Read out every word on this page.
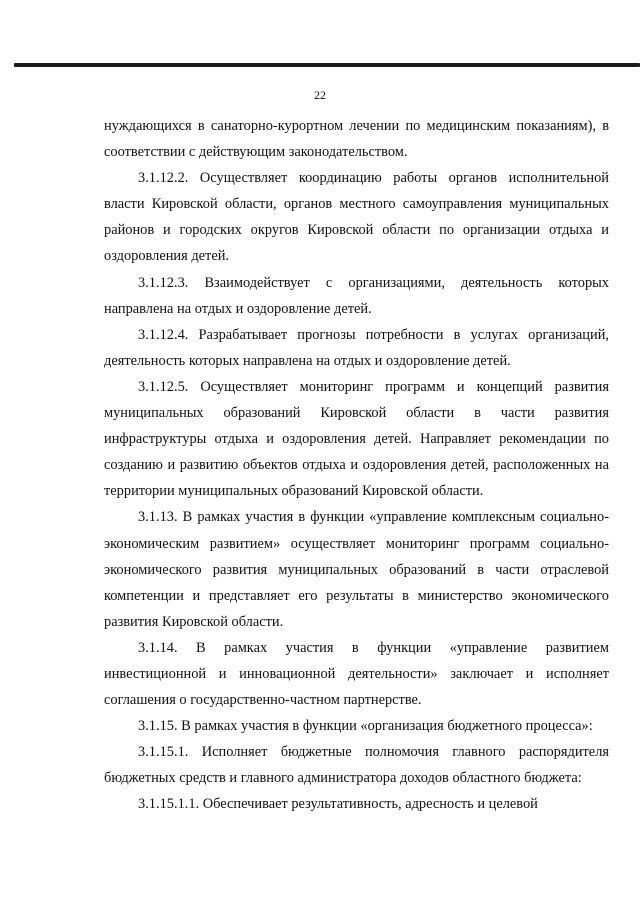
22

нуждающихся в санаторно-курортном лечении по медицинским показаниям), в соответствии с действующим законодательством.

3.1.12.2. Осуществляет координацию работы органов исполнительной власти Кировской области, органов местного самоуправления муниципальных районов и городских округов Кировской области по организации отдыха и оздоровления детей.

3.1.12.3. Взаимодействует с организациями, деятельность которых направлена на отдых и оздоровление детей.

3.1.12.4. Разрабатывает прогнозы потребности в услугах организаций, деятельность которых направлена на отдых и оздоровление детей.

3.1.12.5. Осуществляет мониторинг программ и концепций развития муниципальных образований Кировской области в части развития инфраструктуры отдыха и оздоровления детей. Направляет рекомендации по созданию и развитию объектов отдыха и оздоровления детей, расположенных на территории муниципальных образований Кировской области.

3.1.13. В рамках участия в функции «управление комплексным социально-экономическим развитием» осуществляет мониторинг программ социально-экономического развития муниципальных образований в части отраслевой компетенции и представляет его результаты в министерство экономического развития Кировской области.

3.1.14. В рамках участия в функции «управление развитием инвестиционной и инновационной деятельности» заключает и исполняет соглашения о государственно-частном партнерстве.

3.1.15. В рамках участия в функции «организация бюджетного процесса»:

3.1.15.1. Исполняет бюджетные полномочия главного распорядителя бюджетных средств и главного администратора доходов областного бюджета:

3.1.15.1.1. Обеспечивает результативность, адресность и целевой
